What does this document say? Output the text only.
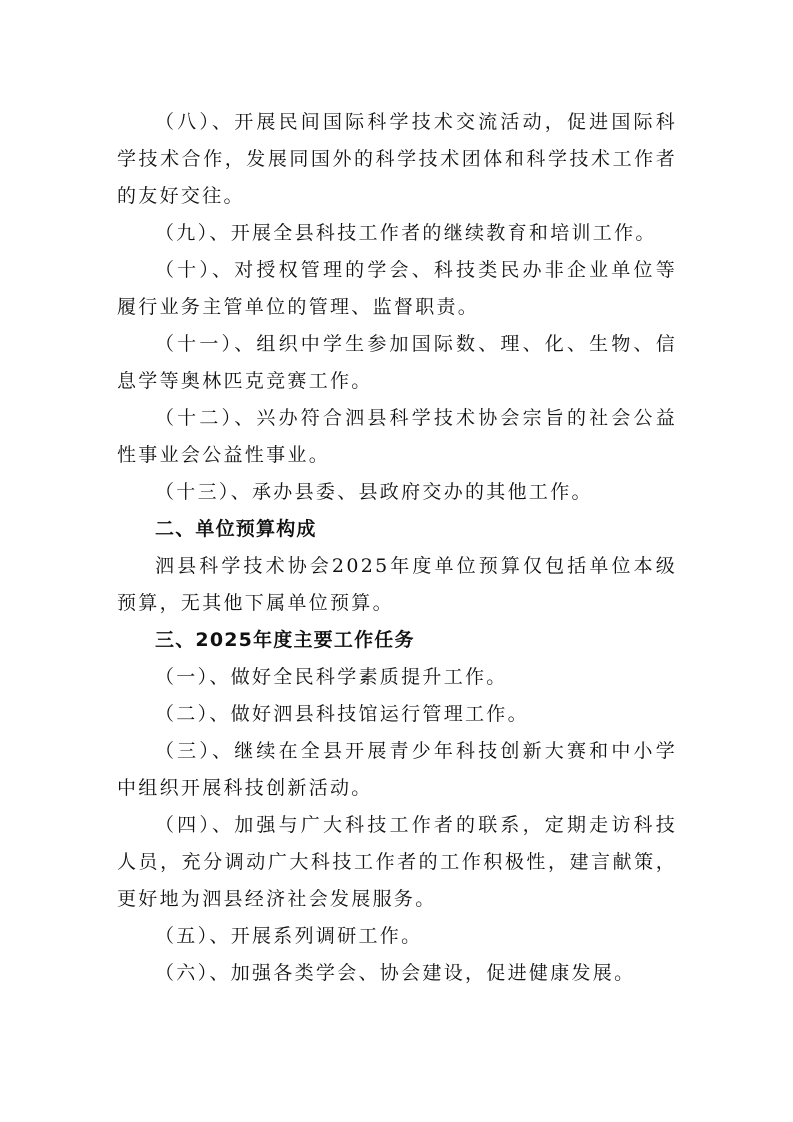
（八）、开展民间国际科学技术交流活动，促进国际科学技术合作，发展同国外的科学技术团体和科学技术工作者的友好交往。

（九）、开展全县科技工作者的继续教育和培训工作。

（十）、对授权管理的学会、科技类民办非企业单位等履行业务主管单位的管理、监督职责。

（十一）、组织中学生参加国际数、理、化、生物、信息学等奥林匹克竞赛工作。

（十二）、兴办符合泗县科学技术协会宗旨的社会公益性事业会公益性事业。

（十三）、承办县委、县政府交办的其他工作。

二、单位预算构成

泗县科学技术协会2025年度单位预算仅包括单位本级预算，无其他下属单位预算。

三、2025年度主要工作任务

（一）、做好全民科学素质提升工作。

（二）、做好泗县科技馆运行管理工作。

（三）、继续在全县开展青少年科技创新大赛和中小学中组织开展科技创新活动。

（四）、加强与广大科技工作者的联系，定期走访科技人员，充分调动广大科技工作者的工作积极性，建言献策，更好地为泗县经济社会发展服务。

（五）、开展系列调研工作。

（六）、加强各类学会、协会建设，促进健康发展。
